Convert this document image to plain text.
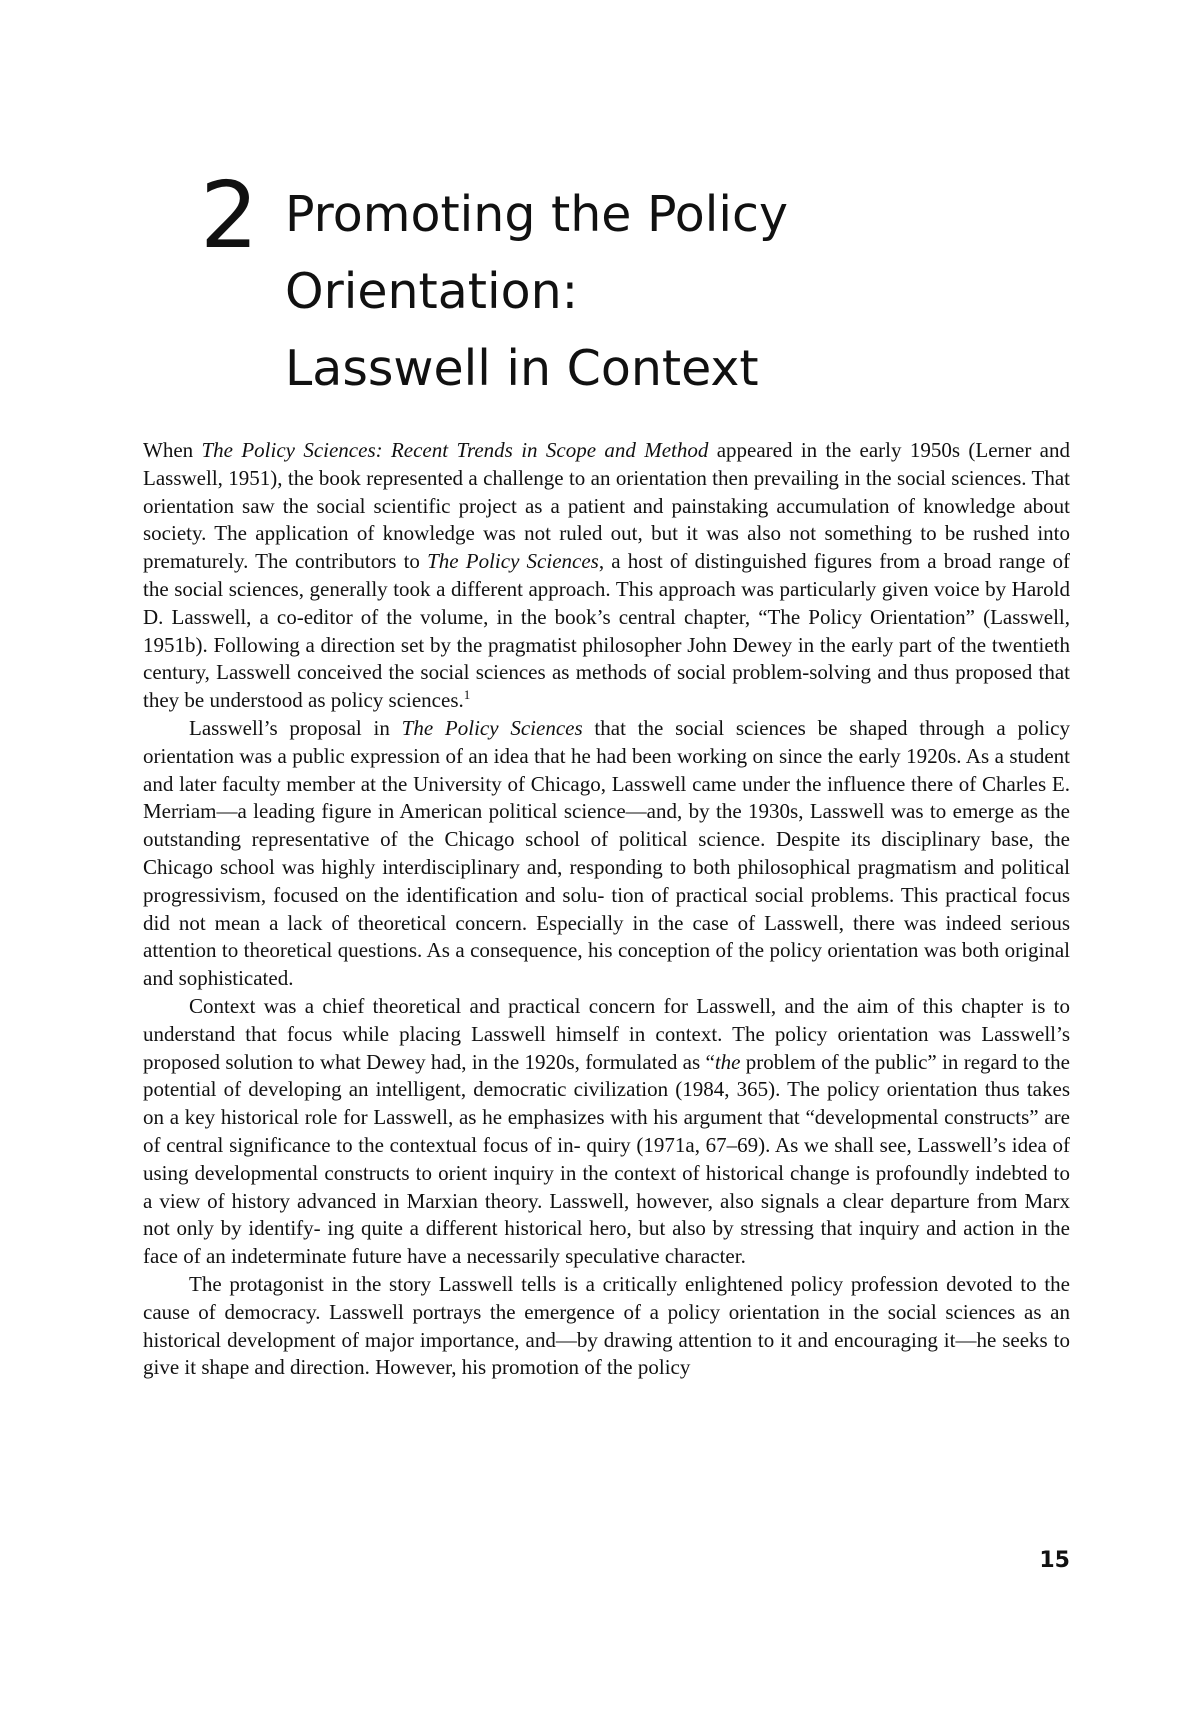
2 Promoting the Policy
Orientation:
Lasswell in Context

When The Policy Sciences: Recent Trends in Scope and Method appeared in the early 1950s (Lerner and Lasswell, 1951), the book represented a challenge to an orientation then prevailing in the social sciences. That orientation saw the social scientific project as a patient and painstaking accumulation of knowledge about society. The application of knowledge was not ruled out, but it was also not something to be rushed into prematurely. The contributors to The Policy Sciences, a host of distinguished figures from a broad range of the social sciences, generally took a different approach. This approach was particularly given voice by Harold D. Lasswell, a co-editor of the volume, in the book’s central chapter, “The Policy Orientation” (Lasswell, 1951b). Following a direction set by the pragmatist philosopher John Dewey in the early part of the twentieth century, Lasswell conceived the social sciences as methods of social problem-solving and thus proposed that they be understood as policy sciences.$^1$

Lasswell’s proposal in The Policy Sciences that the social sciences be shaped through a policy orientation was a public expression of an idea that he had been working on since the early 1920s. As a student and later faculty member at the University of Chicago, Lasswell came under the influence there of Charles E. Merriam—a leading figure in American political science—and, by the 1930s, Lasswell was to emerge as the outstanding representative of the Chicago school of political science. Despite its disciplinary base, the Chicago school was highly interdisciplinary and, responding to both philosophical pragmatism and political progressivism, focused on the identification and solu- tion of practical social problems. This practical focus did not mean a lack of theoretical concern. Especially in the case of Lasswell, there was indeed serious attention to theoretical questions. As a consequence, his conception of the policy orientation was both original and sophisticated.

Context was a chief theoretical and practical concern for Lasswell, and the aim of this chapter is to understand that focus while placing Lasswell himself in context. The policy orientation was Lasswell’s proposed solution to what Dewey had, in the 1920s, formulated as “the problem of the public” in regard to the potential of developing an intelligent, democratic civilization (1984, 365). The policy orientation thus takes on a key historical role for Lasswell, as he emphasizes with his argument that “developmental constructs” are of central significance to the contextual focus of in- quiry (1971a, 67–69). As we shall see, Lasswell’s idea of using developmental constructs to orient inquiry in the context of historical change is profoundly indebted to a view of history advanced in Marxian theory. Lasswell, however, also signals a clear departure from Marx not only by identify- ing quite a different historical hero, but also by stressing that inquiry and action in the face of an indeterminate future have a necessarily speculative character.

The protagonist in the story Lasswell tells is a critically enlightened policy profession devoted to the cause of democracy. Lasswell portrays the emergence of a policy orientation in the social sciences as an historical development of major importance, and—by drawing attention to it and encouraging it—he seeks to give it shape and direction. However, his promotion of the policy

15
